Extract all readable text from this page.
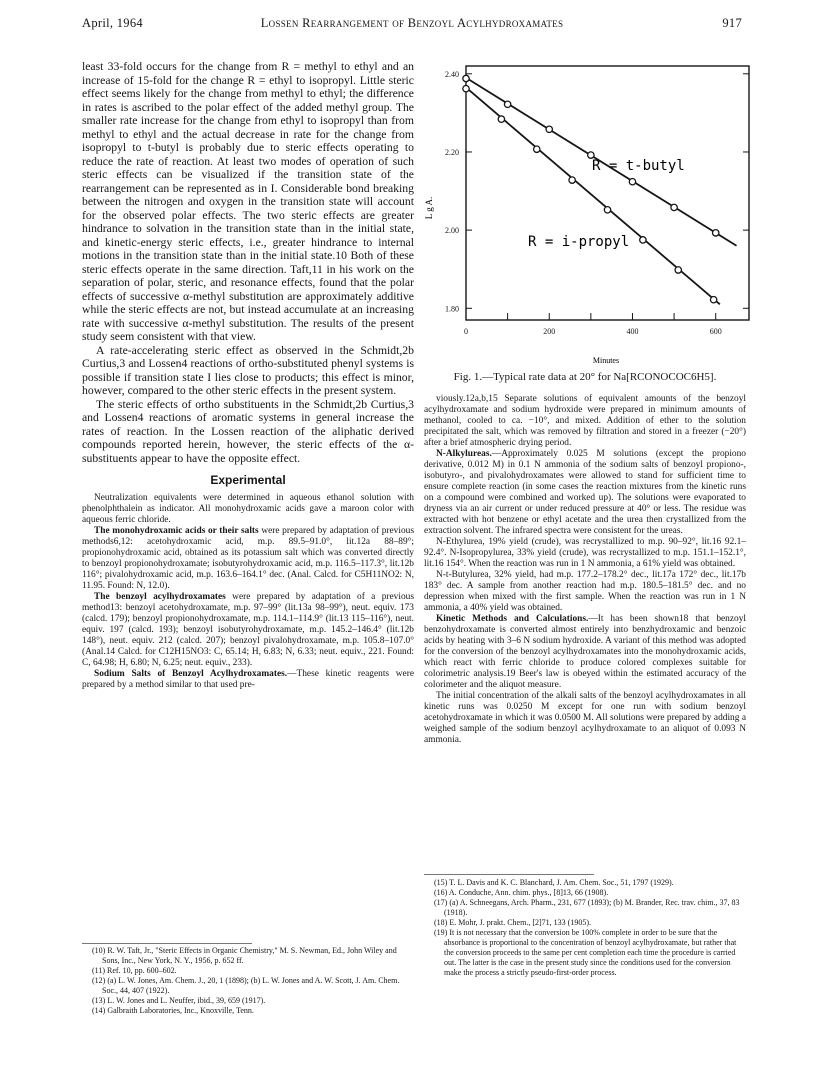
April, 1964	Lossen Rearrangement of Benzoyl Acylhydroxamates	917

least 33-fold occurs for the change from R = methyl to ethyl and an increase of 15-fold for the change R = ethyl to isopropyl. Little steric effect seems likely for the change from methyl to ethyl; the difference in rates is ascribed to the polar effect of the added methyl group. The smaller rate increase for the change from ethyl to isopropyl than from methyl to ethyl and the actual decrease in rate for the change from isopropyl to t-butyl is probably due to steric effects operating to reduce the rate of reaction. At least two modes of operation of such steric effects can be visualized if the transition state of the rearrangement can be represented as in I. Considerable bond breaking between the nitrogen and oxygen in the transition state will account for the observed polar effects. The two steric effects are greater hindrance to solvation in the transition state than in the initial state, and kinetic-energy steric effects, i.e., greater hindrance to internal motions in the transition state than in the initial state.10 Both of these steric effects operate in the same direction. Taft,11 in his work on the separation of polar, steric, and resonance effects, found that the polar effects of successive α-methyl substitution are approximately additive while the steric effects are not, but instead accumulate at an increasing rate with successive α-methyl substitution. The results of the present study seem consistent with that view.

A rate-accelerating steric effect as observed in the Schmidt,2b Curtius,3 and Lossen4 reactions of ortho-substituted phenyl systems is possible if transition state I lies close to products; this effect is minor, however, compared to the other steric effects in the present system.

The steric effects of ortho substituents in the Schmidt,2b Curtius,3 and Lossen4 reactions of aromatic systems in general increase the rates of reaction. In the Lossen reaction of the aliphatic derived compounds reported herein, however, the steric effects of the α-substituents appear to have the opposite effect.

Experimental

Neutralization equivalents were determined in aqueous ethanol solution with phenolphthalein as indicator. All monohydroxamic acids gave a maroon color with aqueous ferric chloride.

The monohydroxamic acids or their salts were prepared by adaptation of previous methods6,12: acetohydroxamic acid, m.p. 89.5–91.0°, lit.12a 88–89°; propionohydroxamic acid, obtained as its potassium salt which was converted directly to benzoyl propionohydroxamate; isobutyrohydroxamic acid, m.p. 116.5–117.3°, lit.12b 116°; pivalohydroxamic acid, m.p. 163.6–164.1° dec. (Anal. Calcd. for C5H11NO2: N, 11.95. Found: N, 12.0).

The benzoyl acylhydroxamates were prepared by adaptation of a previous method13: benzoyl acetohydroxamate, m.p. 97–99° (lit.13a 98–99°), neut. equiv. 173 (calcd. 179); benzoyl propionohydroxamate, m.p. 114.1–114.9° (lit.13 115–116°), neut. equiv. 197 (calcd. 193); benzoyl isobutyrohydroxamate, m.p. 145.2–146.4° (lit.12b 148°), neut. equiv. 212 (calcd. 207); benzoyl pivalohydroxamate, m.p. 105.8–107.0° (Anal.14 Calcd. for C12H15NO3: C, 65.14; H, 6.83; N, 6.33; neut. equiv., 221. Found: C, 64.98; H, 6.80; N, 6.25; neut. equiv., 233).

Sodium Salts of Benzoyl Acylhydroxamates.—These kinetic reagents were prepared by a method similar to that used pre-

(10) R. W. Taft, Jr., "Steric Effects in Organic Chemistry," M. S. Newman, Ed., John Wiley and Sons, Inc., New York, N. Y., 1956, p. 652 ff.
(11) Ref. 10, pp. 600–602.
(12) (a) L. W. Jones, Am. Chem. J., 20, 1 (1898); (b) L. W. Jones and A. W. Scott, J. Am. Chem. Soc., 44, 407 (1922).
(13) L. W. Jones and L. Neuffer, ibid., 39, 659 (1917).
(14) Galbraith Laboratories, Inc., Knoxville, Tenn.
1.80
2.00
2.20
2.40
0	200	400	600
L g A.
Minutes
R = t-butyl
R = i-propyl
Fig. 1.—Typical rate data at 20° for Na[RCONOCOC6H5].

viously.12a,b,15 Separate solutions of equivalent amounts of the benzoyl acylhydroxamate and sodium hydroxide were prepared in minimum amounts of methanol, cooled to ca. −10°, and mixed. Addition of ether to the solution precipitated the salt, which was removed by filtration and stored in a freezer (−20°) after a brief atmospheric drying period.

N-Alkylureas.—Approximately 0.025 M solutions (except the propiono derivative, 0.012 M) in 0.1 N ammonia of the sodium salts of benzoyl propiono-, isobutyro-, and pivalohydroxamates were allowed to stand for sufficient time to ensure complete reaction (in some cases the reaction mixtures from the kinetic runs on a compound were combined and worked up). The solutions were evaporated to dryness via an air current or under reduced pressure at 40° or less. The residue was extracted with hot benzene or ethyl acetate and the urea then crystallized from the extraction solvent. The infrared spectra were consistent for the ureas.

N-Ethylurea, 19% yield (crude), was recrystallized to m.p. 90–92°, lit.16 92.1–92.4°. N-Isopropylurea, 33% yield (crude), was recrystallized to m.p. 151.1–152.1°, lit.16 154°. When the reaction was run in 1 N ammonia, a 61% yield was obtained.

N-t-Butylurea, 32% yield, had m.p. 177.2–178.2° dec., lit.17a 172° dec., lit.17b 183° dec. A sample from another reaction had m.p. 180.5–181.5° dec. and no depression when mixed with the first sample. When the reaction was run in 1 N ammonia, a 40% yield was obtained.

Kinetic Methods and Calculations.—It has been shown18 that benzoyl benzohydroxamate is converted almost entirely into benzhydroxamic and benzoic acids by heating with 3–6 N sodium hydroxide. A variant of this method was adopted for the conversion of the benzoyl acylhydroxamates into the monohydroxamic acids, which react with ferric chloride to produce colored complexes suitable for colorimetric analysis.19 Beer's law is obeyed within the estimated accuracy of the colorimeter and the aliquot measure.

The initial concentration of the alkali salts of the benzoyl acylhydroxamates in all kinetic runs was 0.0250 M except for one run with sodium benzoyl acetohydroxamate in which it was 0.0500 M. All solutions were prepared by adding a weighed sample of the sodium benzoyl acylhydroxamate to an aliquot of 0.093 N ammonia.

(15) T. L. Davis and K. C. Blanchard, J. Am. Chem. Soc., 51, 1797 (1929).
(16) A. Conduche, Ann. chim. phys., [8]13, 66 (1908).
(17) (a) A. Schneegans, Arch. Pharm., 231, 677 (1893); (b) M. Brander, Rec. trav. chim., 37, 83 (1918).
(18) E. Mohr, J. prakt. Chem., [2]71, 133 (1905).
(19) It is not necessary that the conversion be 100% complete in order to be sure that the absorbance is proportional to the concentration of benzoyl acylhydroxamate, but rather that the conversion proceeds to the same per cent completion each time the procedure is carried out. The latter is the case in the present study since the conditions used for the conversion make the process a strictly pseudo-first-order process.
